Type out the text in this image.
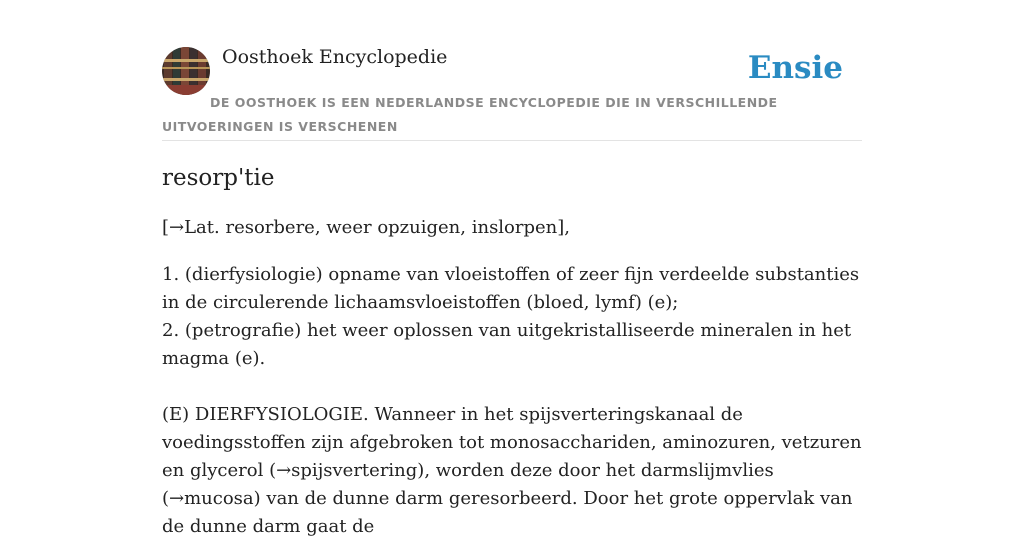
Oosthoek Encyclopedie	Ensie
DE OOSTHOEK IS EEN NEDERLANDSE ENCYCLOPEDIE DIE IN VERSCHILLENDE UITVOERINGEN IS VERSCHENEN
resorp'tie

[→Lat. resorbere, weer opzuigen, inslorpen],

1. (dierfysiologie) opname van vloeistoffen of zeer fijn verdeelde substanties in de circulerende lichaamsvloeistoffen (bloed, lymf) (e);

2. (petrografie) het weer oplossen van uitgekristalliseerde mineralen in het magma (e).

(E) DIERFYSIOLOGIE. Wanneer in het spijsverteringskanaal de voedingsstoffen zijn afgebroken tot monosacchariden, aminozuren, vetzuren en glycerol (→spijsvertering), worden deze door het darmslijmvlies (→mucosa) van de dunne darm geresorbeerd. Door het grote oppervlak van de dunne darm gaat de
